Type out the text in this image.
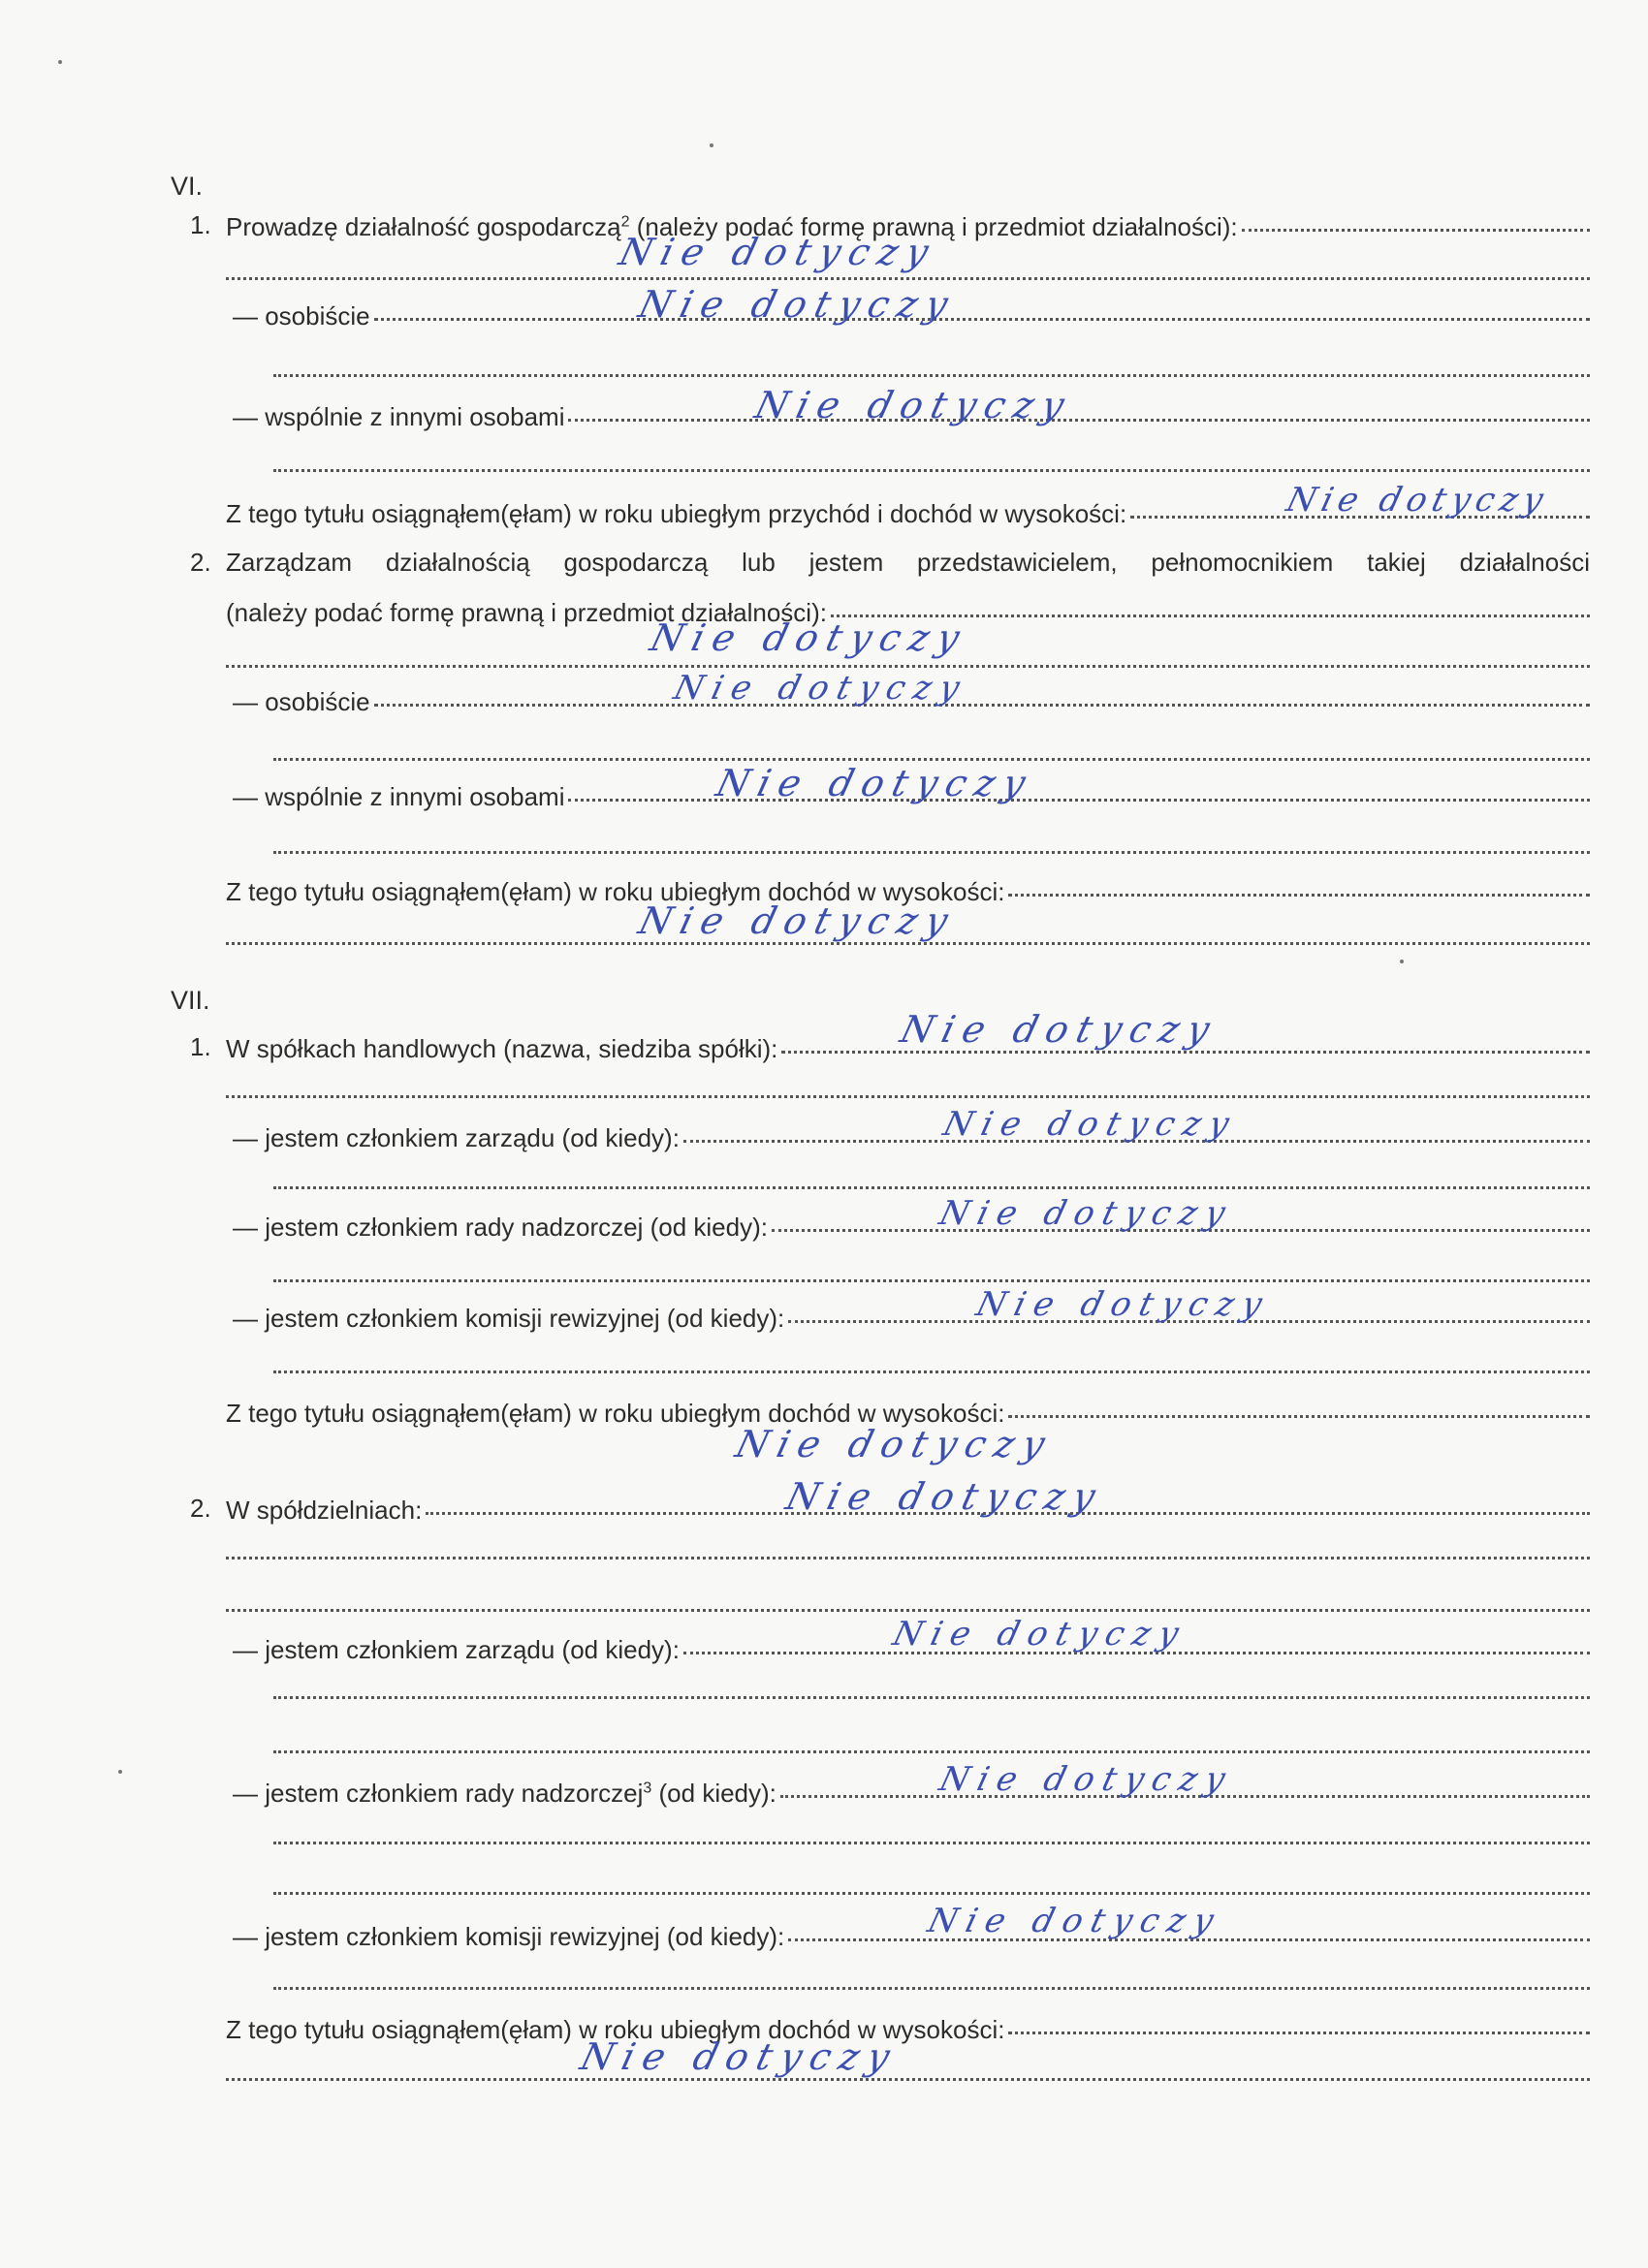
VI.
1. Prowadzę działalność gospodarczą$^2$ (należy podać formę prawną i przedmiot działalności):
Nie dotyczy
— osobiście	Nie dotyczy
— wspólnie z innymi osobami	Nie dotyczy
Z tego tytułu osiągnąłem(ęłam) w roku ubiegłym przychód i dochód w wysokości:	Nie dotyczy
2. Zarządzam działalnością gospodarczą lub jestem przedstawicielem, pełnomocnikiem takiej działalności
(należy podać formę prawną i przedmiot działalności):
Nie dotyczy
— osobiście	Nie dotyczy
— wspólnie z innymi osobami	Nie dotyczy
Z tego tytułu osiągnąłem(ęłam) w roku ubiegłym dochód w wysokości:
Nie dotyczy
VII.
1. W spółkach handlowych (nazwa, siedziba spółki):	Nie dotyczy
— jestem członkiem zarządu (od kiedy):	Nie dotyczy
— jestem członkiem rady nadzorczej (od kiedy):	Nie dotyczy
— jestem członkiem komisji rewizyjnej (od kiedy):	Nie dotyczy
Z tego tytułu osiągnąłem(ęłam) w roku ubiegłym dochód w wysokości:
Nie dotyczy
2. W spółdzielniach:	Nie dotyczy
— jestem członkiem zarządu (od kiedy):	Nie dotyczy
— jestem członkiem rady nadzorczej$^3$ (od kiedy):	Nie dotyczy
— jestem członkiem komisji rewizyjnej (od kiedy):	Nie dotyczy
Z tego tytułu osiągnąłem(ęłam) w roku ubiegłym dochód w wysokości:
Nie dotyczy
